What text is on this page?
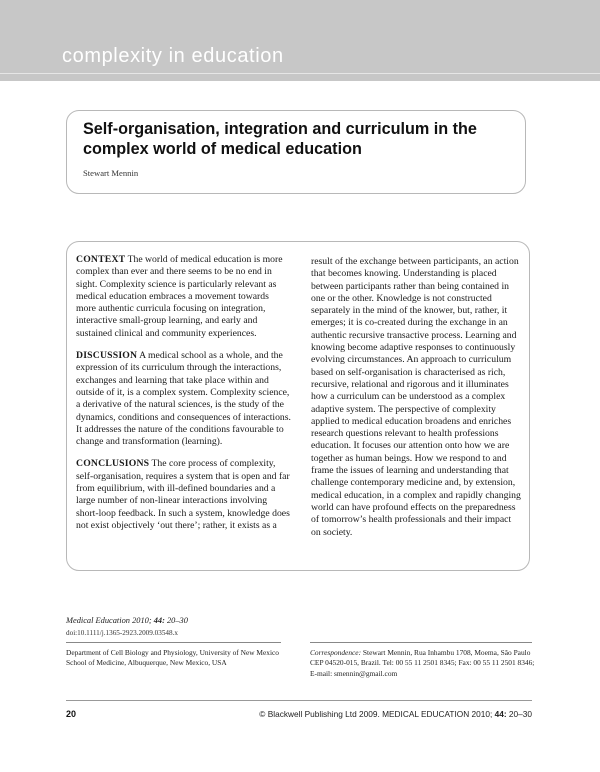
complexity in education
Self-organisation, integration and curriculum in the complex world of medical education
Stewart Mennin

CONTEXT The world of medical education is more complex than ever and there seems to be no end in sight. Complexity science is particularly relevant as medical education embraces a movement towards more authentic curricula focusing on integration, interactive small-group learning, and early and sustained clinical and community experiences.

DISCUSSION A medical school as a whole, and the expression of its curriculum through the interactions, exchanges and learning that take place within and outside of it, is a complex system. Complexity science, a derivative of the natural sciences, is the study of the dynamics, conditions and consequences of interactions. It addresses the nature of the conditions favourable to change and transformation (learning).

CONCLUSIONS The core process of complexity, self-organisation, requires a system that is open and far from equilibrium, with ill-defined boundaries and a large number of non-linear interactions involving short-loop feedback. In such a system, knowledge does not exist objectively ‘out there’; rather, it exists as a

result of the exchange between participants, an action that becomes knowing. Understanding is placed between participants rather than being contained in one or the other. Knowledge is not constructed separately in the mind of the knower, but, rather, it emerges; it is co-created during the exchange in an authentic recursive transactive process. Learning and knowing become adaptive responses to continuously evolving circumstances. An approach to curriculum based on self-organisation is characterised as rich, recursive, relational and rigorous and it illuminates how a curriculum can be understood as a complex adaptive system. The perspective of complexity applied to medical education broadens and enriches research questions relevant to health professions education. It focuses our attention onto how we are together as human beings. How we respond to and frame the issues of learning and understanding that challenge contemporary medicine and, by extension, medical education, in a complex and rapidly changing world can have profound effects on the preparedness of tomorrow’s health professionals and their impact on society.

Medical Education 2010; 44: 20–30
doi:10.1111/j.1365-2923.2009.03548.x
Department of Cell Biology and Physiology, University of New Mexico School of Medicine, Albuquerque, New Mexico, USA
Correspondence: Stewart Mennin, Rua Inhambu 1708, Moema, São Paulo CEP 04520-015, Brazil. Tel: 00 55 11 2501 8345; Fax: 00 55 11 2501 8346; E-mail: smennin@gmail.com
20	© Blackwell Publishing Ltd 2009. MEDICAL EDUCATION 2010; 44: 20–30
